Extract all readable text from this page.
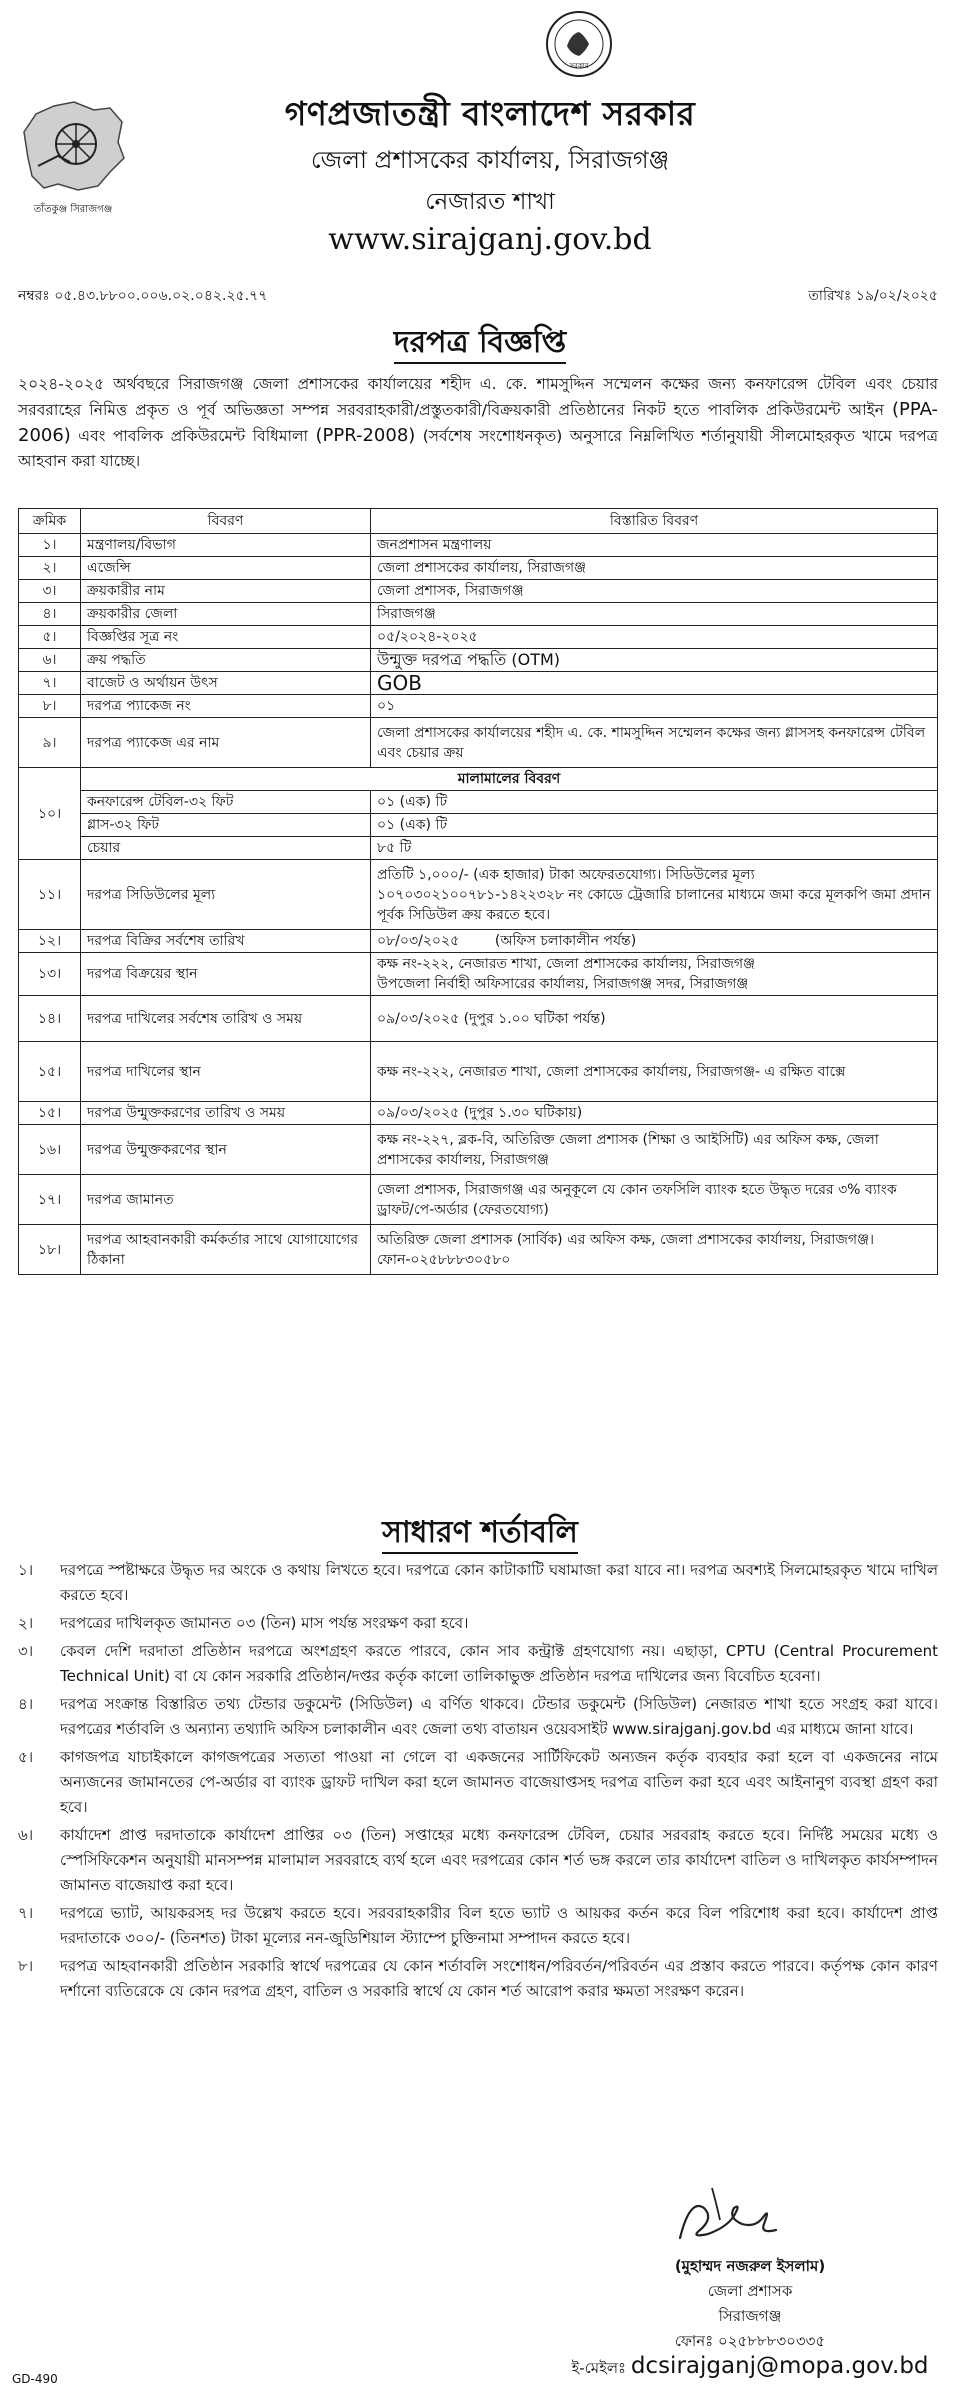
সরকার
তাঁতকুঞ্জ সিরাজগঞ্জ
গণপ্রজাতন্ত্রী বাংলাদেশ সরকার
জেলা প্রশাসকের কার্যালয়, সিরাজগঞ্জ
নেজারত শাখা
www.sirajganj.gov.bd
নম্বরঃ ০৫.৪৩.৮৮০০.০০৬.০২.০৪২.২৫.৭৭	তারিখঃ ১৯/০২/২০২৫
দরপত্র বিজ্ঞপ্তি
২০২৪-২০২৫ অর্থবছরে সিরাজগঞ্জ জেলা প্রশাসকের কার্যালয়ের শহীদ এ. কে. শামসুদ্দিন সম্মেলন কক্ষের জন্য কনফারেন্স টেবিল এবং চেয়ার সরবরাহের নিমিত্ত প্রকৃত ও পূর্ব অভিজ্ঞতা সম্পন্ন সরবরাহকারী/প্রস্তুতকারী/বিক্রয়কারী প্রতিষ্ঠানের নিকট হতে পাবলিক প্রকিউরমেন্ট আইন (PPA-2006) এবং পাবলিক প্রকিউরমেন্ট বিধিমালা (PPR-2008) (সর্বশেষ সংশোধনকৃত) অনুসারে নিম্নলিখিত শর্তানুযায়ী সীলমোহরকৃত খামে দরপত্র আহবান করা যাচ্ছে।
ক্রমিক	বিবরণ	বিস্তারিত বিবরণ
১।	মন্ত্রণালয়/বিভাগ	জনপ্রশাসন মন্ত্রণালয়
২।	এজেন্সি	জেলা প্রশাসকের কার্যালয়, সিরাজগঞ্জ
৩।	ক্রয়কারীর নাম	জেলা প্রশাসক, সিরাজগঞ্জ
৪।	ক্রয়কারীর জেলা	সিরাজগঞ্জ
৫।	বিজ্ঞপ্তির সূত্র নং	০৫/২০২৪-২০২৫
৬।	ক্রয় পদ্ধতি	উন্মুক্ত দরপত্র পদ্ধতি (OTM)
৭।	বাজেট ও অর্থায়ন উৎস	GOB
৮।	দরপত্র প্যাকেজ নং	০১
৯।	দরপত্র প্যাকেজ এর নাম	জেলা প্রশাসকের কার্যালয়ের শহীদ এ. কে. শামসুদ্দিন সম্মেলন কক্ষের জন্য গ্লাসসহ কনফারেন্স টেবিল এবং চেয়ার ক্রয়
১০।	মালামালের বিবরণ	
	কনফারেন্স টেবিল-৩২ ফিট	০১ (এক) টি
	গ্লাস-৩২ ফিট	০১ (এক) টি
	চেয়ার	৮৫ টি
১১।	দরপত্র সিডিউলের মূল্য	প্রতিটি ১,০০০/- (এক হাজার) টাকা অফেরতযোগ্য। সিডিউলের মূল্য ১০৭০৩০২১০০৭৮১-১৪২২৩২৮ নং কোডে ট্রেজারি চালানের মাধ্যমে জমা করে মূলকপি জমা প্রদান পূর্বক সিডিউল ক্রয় করতে হবে।
১২।	দরপত্র বিক্রির সর্বশেষ তারিখ	০৮/০৩/২০২৫        (অফিস চলাকালীন পর্যন্ত)
১৩।	দরপত্র বিক্রয়ের স্থান	কক্ষ নং-২২২, নেজারত শাখা, জেলা প্রশাসকের কার্যালয়, সিরাজগঞ্জ
উপজেলা নির্বাহী অফিসারের কার্যালয়, সিরাজগঞ্জ সদর, সিরাজগঞ্জ

১৪।	দরপত্র দাখিলের সর্বশেষ তারিখ ও সময়	০৯/০৩/২০২৫ (দুপুর ১.০০ ঘটিকা পর্যন্ত)
১৫।	দরপত্র দাখিলের স্থান	কক্ষ নং-২২২, নেজারত শাখা, জেলা প্রশাসকের কার্যালয়, সিরাজগঞ্জ- এ রক্ষিত বাক্সে
১৫।	দরপত্র উন্মুক্তকরণের তারিখ ও সময়	০৯/০৩/২০২৫ (দুপুর ১.৩০ ঘটিকায়)
১৬।	দরপত্র উন্মুক্তকরণের স্থান	কক্ষ নং-২২৭, ব্লক-বি, অতিরিক্ত জেলা প্রশাসক (শিক্ষা ও আইসিটি) এর অফিস কক্ষ, জেলা প্রশাসকের কার্যালয়, সিরাজগঞ্জ
১৭।	দরপত্র জামানত	জেলা প্রশাসক, সিরাজগঞ্জ এর অনুকূলে যে কোন তফসিলি ব্যাংক হতে উদ্ধৃত দরের ৩% ব্যাংক ড্রাফট/পে-অর্ডার (ফেরতযোগ্য)
১৮।	দরপত্র আহবানকারী কর্মকর্তার সাথে যোগাযোগের ঠিকানা	অতিরিক্ত জেলা প্রশাসক (সার্বিক) এর অফিস কক্ষ, জেলা প্রশাসকের কার্যালয়, সিরাজগঞ্জ। ফোন-০২৫৮৮৮৩০৫৮০
সাধারণ শর্তাবলি
১। দরপত্রে স্পষ্টাক্ষরে উদ্ধৃত দর অংকে ও কথায় লিখতে হবে। দরপত্রে কোন কাটাকাটি ঘষামাজা করা যাবে না। দরপত্র অবশ্যই সিলমোহরকৃত খামে দাখিল করতে হবে।
২। দরপত্রের দাখিলকৃত জামানত ০৩ (তিন) মাস পর্যন্ত সংরক্ষণ করা হবে।
৩। কেবল দেশি দরদাতা প্রতিষ্ঠান দরপত্রে অংশগ্রহণ করতে পারবে, কোন সাব কন্ট্রাক্ট গ্রহণযোগ্য নয়। এছাড়া, CPTU (Central Procurement Technical Unit) বা যে কোন সরকারি প্রতিষ্ঠান/দপ্তর কর্তৃক কালো তালিকাভুক্ত প্রতিষ্ঠান দরপত্র দাখিলের জন্য বিবেচিত হবেনা।
৪। দরপত্র সংক্রান্ত বিস্তারিত তথ্য টেন্ডার ডকুমেন্ট (সিডিউল) এ বর্ণিত থাকবে। টেন্ডার ডকুমেন্ট (সিডিউল) নেজারত শাখা হতে সংগ্রহ করা যাবে। দরপত্রের শর্তাবলি ও অন্যান্য তথ্যাদি অফিস চলাকালীন এবং জেলা তথ্য বাতায়ন ওয়েবসাইট www.sirajganj.gov.bd এর মাধ্যমে জানা যাবে।
৫। কাগজপত্র যাচাইকালে কাগজপত্রের সত্যতা পাওয়া না গেলে বা একজনের সার্টিফিকেট অন্যজন কর্তৃক ব্যবহার করা হলে বা একজনের নামে অন্যজনের জামানতের পে-অর্ডার বা ব্যাংক ড্রাফট দাখিল করা হলে জামানত বাজেয়াপ্তসহ দরপত্র বাতিল করা হবে এবং আইনানুগ ব্যবস্থা গ্রহণ করা হবে।
৬। কার্যাদেশ প্রাপ্ত দরদাতাকে কার্যাদেশ প্রাপ্তির ০৩ (তিন) সপ্তাহের মধ্যে কনফারেন্স টেবিল, চেয়ার সরবরাহ করতে হবে। নির্দিষ্ট সময়ের মধ্যে ও স্পেসিফিকেশন অনুযায়ী মানসম্পন্ন মালামাল সরবরাহে ব্যর্থ হলে এবং দরপত্রের কোন শর্ত ভঙ্গ করলে তার কার্যাদেশ বাতিল ও দাখিলকৃত কার্যসম্পাদন জামানত বাজেয়াপ্ত করা হবে।
৭। দরপত্রে ভ্যাট, আয়করসহ দর উল্লেখ করতে হবে। সরবরাহকারীর বিল হতে ভ্যাট ও আয়কর কর্তন করে বিল পরিশোধ করা হবে। কার্যাদেশ প্রাপ্ত দরদাতাকে ৩০০/- (তিনশত) টাকা মূল্যের নন-জুডিশিয়াল স্ট্যাম্পে চুক্তিনামা সম্পাদন করতে হবে।
৮। দরপত্র আহবানকারী প্রতিষ্ঠান সরকারি স্বার্থে দরপত্রের যে কোন শর্তাবলি সংশোধন/পরিবর্তন/পরিবর্তন এর প্রস্তাব করতে পারবে। কর্তৃপক্ষ কোন কারণ দর্শানো ব্যতিরেকে যে কোন দরপত্র গ্রহণ, বাতিল ও সরকারি স্বার্থে যে কোন শর্ত আরোপ করার ক্ষমতা সংরক্ষণ করেন।
(মুহাম্মদ নজরুল ইসলাম)
জেলা প্রশাসক
সিরাজগঞ্জ
ফোনঃ ০২৫৮৮৮৩০৩৩৫
ই-মেইলঃ dcsirajganj@mopa.gov.bd
GD-490
